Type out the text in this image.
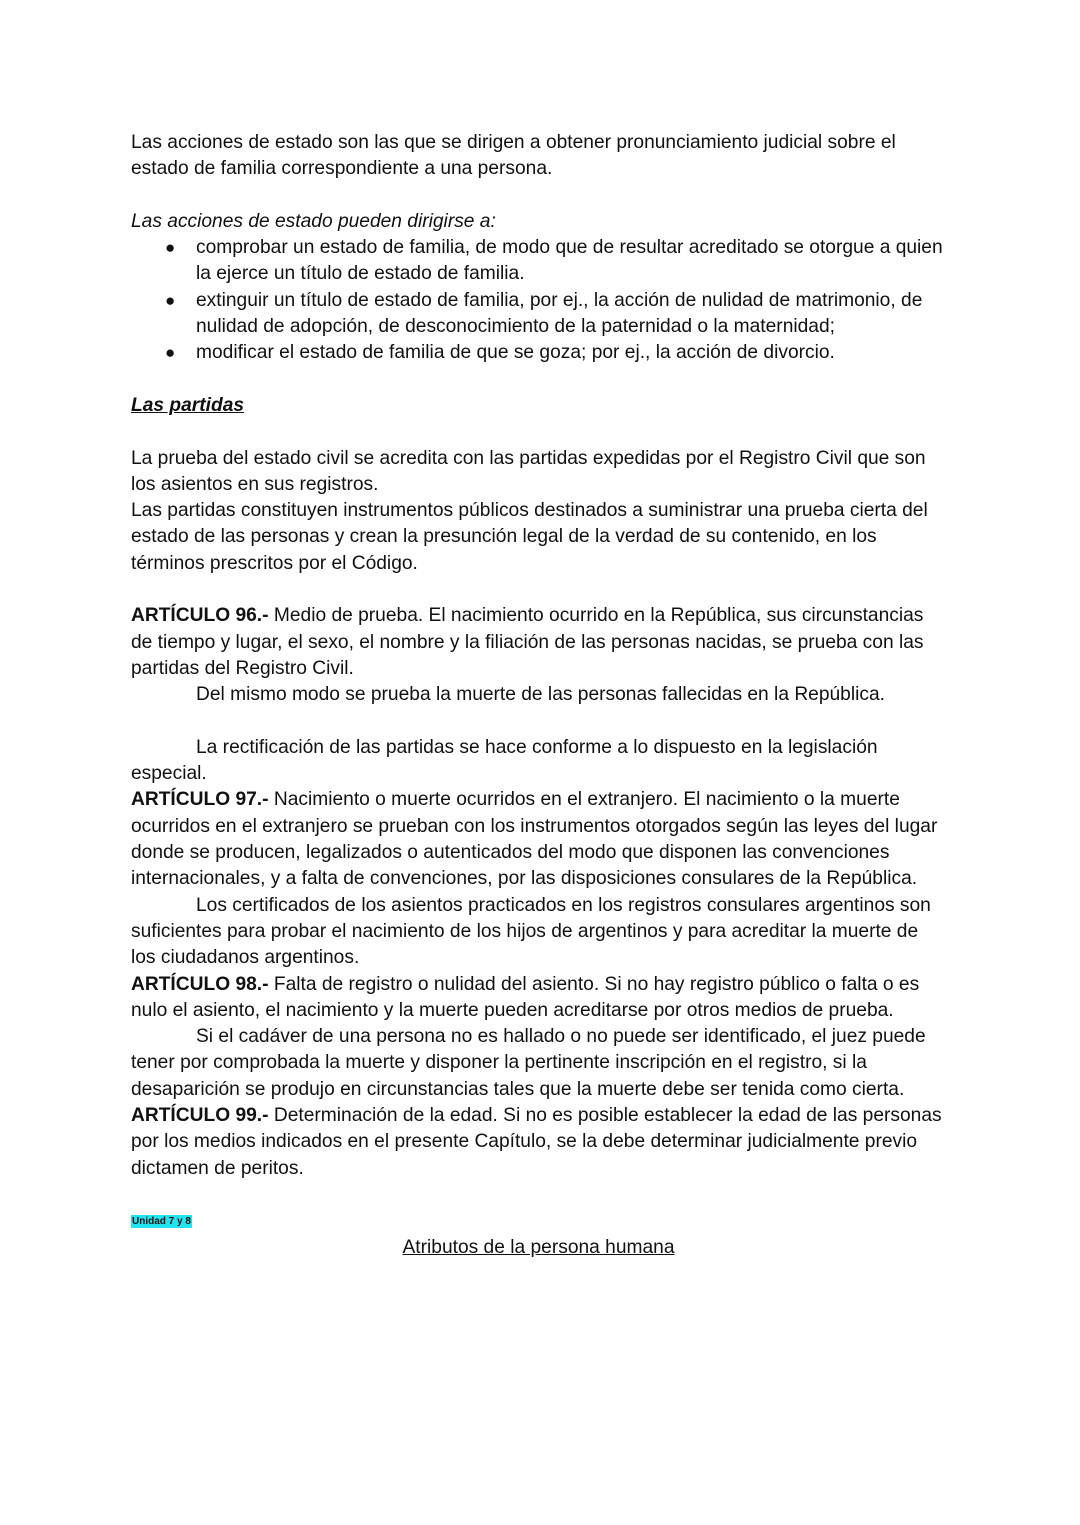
Las acciones de estado son las que se dirigen a obtener pronunciamiento judicial sobre el estado de familia correspondiente a una persona.

Las acciones de estado pueden dirigirse a:

● comprobar un estado de familia, de modo que de resultar acreditado se otorgue a quien la ejerce un título de estado de familia.
● extinguir un título de estado de familia, por ej., la acción de nulidad de matrimonio, de nulidad de adopción, de desconocimiento de la paternidad o la maternidad;
● modificar el estado de familia de que se goza; por ej., la acción de divorcio.

Las partidas

La prueba del estado civil se acredita con las partidas expedidas por el Registro Civil que son los asientos en sus registros.

Las partidas constituyen instrumentos públicos destinados a suministrar una prueba cierta del estado de las personas y crean la presunción legal de la verdad de su contenido, en los términos prescritos por el Código.

ARTÍCULO 96.- Medio de prueba. El nacimiento ocurrido en la República, sus circunstancias de tiempo y lugar, el sexo, el nombre y la filiación de las personas nacidas, se prueba con las partidas del Registro Civil.

Del mismo modo se prueba la muerte de las personas fallecidas en la República.

La rectificación de las partidas se hace conforme a lo dispuesto en la legislación especial.

ARTÍCULO 97.- Nacimiento o muerte ocurridos en el extranjero. El nacimiento o la muerte ocurridos en el extranjero se prueban con los instrumentos otorgados según las leyes del lugar donde se producen, legalizados o autenticados del modo que disponen las convenciones internacionales, y a falta de convenciones, por las disposiciones consulares de la República.

Los certificados de los asientos practicados en los registros consulares argentinos son suficientes para probar el nacimiento de los hijos de argentinos y para acreditar la muerte de los ciudadanos argentinos.

ARTÍCULO 98.- Falta de registro o nulidad del asiento. Si no hay registro público o falta o es nulo el asiento, el nacimiento y la muerte pueden acreditarse por otros medios de prueba.

Si el cadáver de una persona no es hallado o no puede ser identificado, el juez puede tener por comprobada la muerte y disponer la pertinente inscripción en el registro, si la desaparición se produjo en circunstancias tales que la muerte debe ser tenida como cierta.

ARTÍCULO 99.- Determinación de la edad. Si no es posible establecer la edad de las personas por los medios indicados en el presente Capítulo, se la debe determinar judicialmente previo dictamen de peritos.

Unidad 7 y 8

Atributos de la persona humana
